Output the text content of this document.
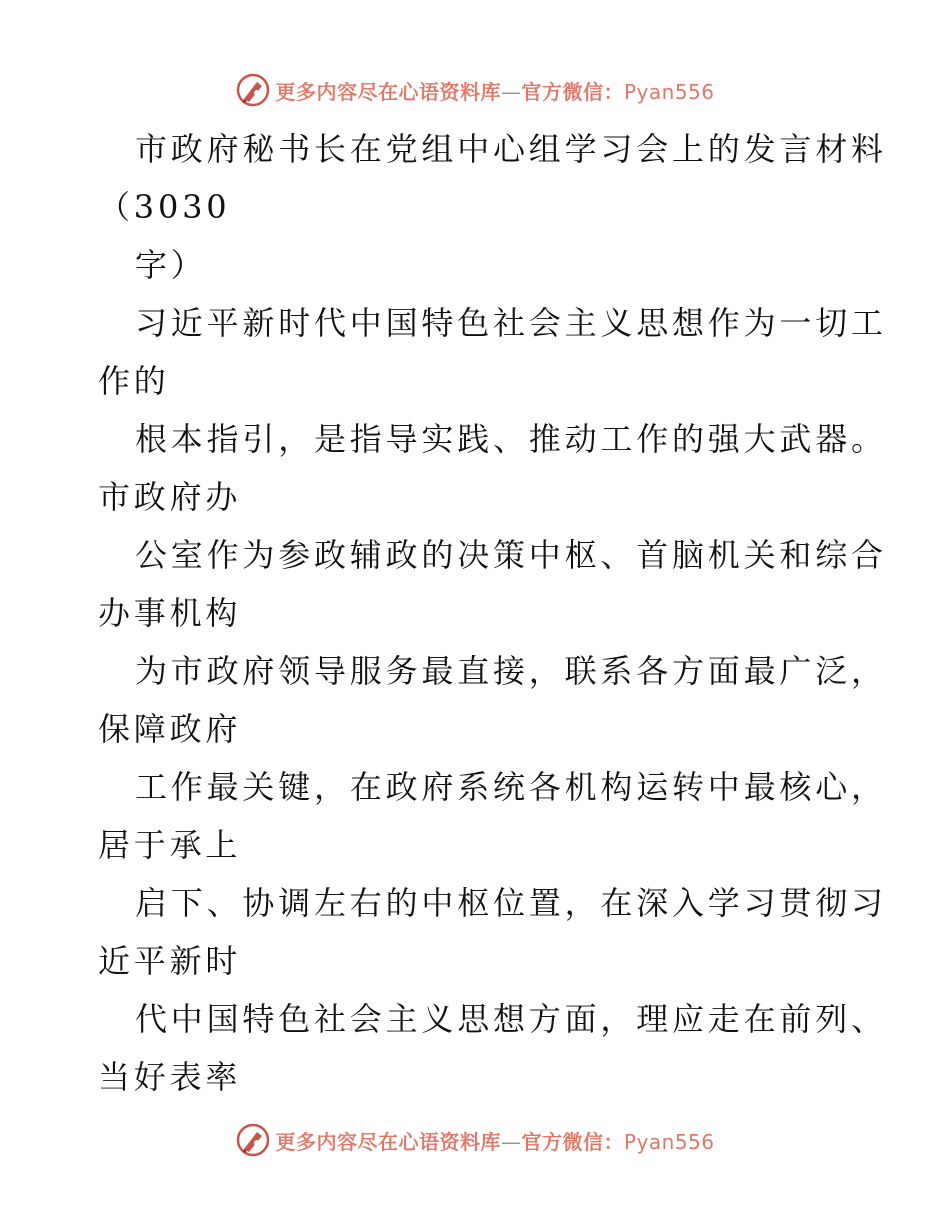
更多内容尽在心语资料库—官方微信：Pyan556
市政府秘书长在党组中心组学习会上的发言材料
（3030
字）
习近平新时代中国特色社会主义思想作为一切工
作的
根本指引，是指导实践、推动工作的强大武器。
市政府办
公室作为参政辅政的决策中枢、首脑机关和综合
办事机构
为市政府领导服务最直接，联系各方面最广泛，
保障政府
工作最关键，在政府系统各机构运转中最核心，
居于承上
启下、协调左右的中枢位置，在深入学习贯彻习
近平新时
代中国特色社会主义思想方面，理应走在前列、
当好表率
更多内容尽在心语资料库—官方微信：Pyan556
